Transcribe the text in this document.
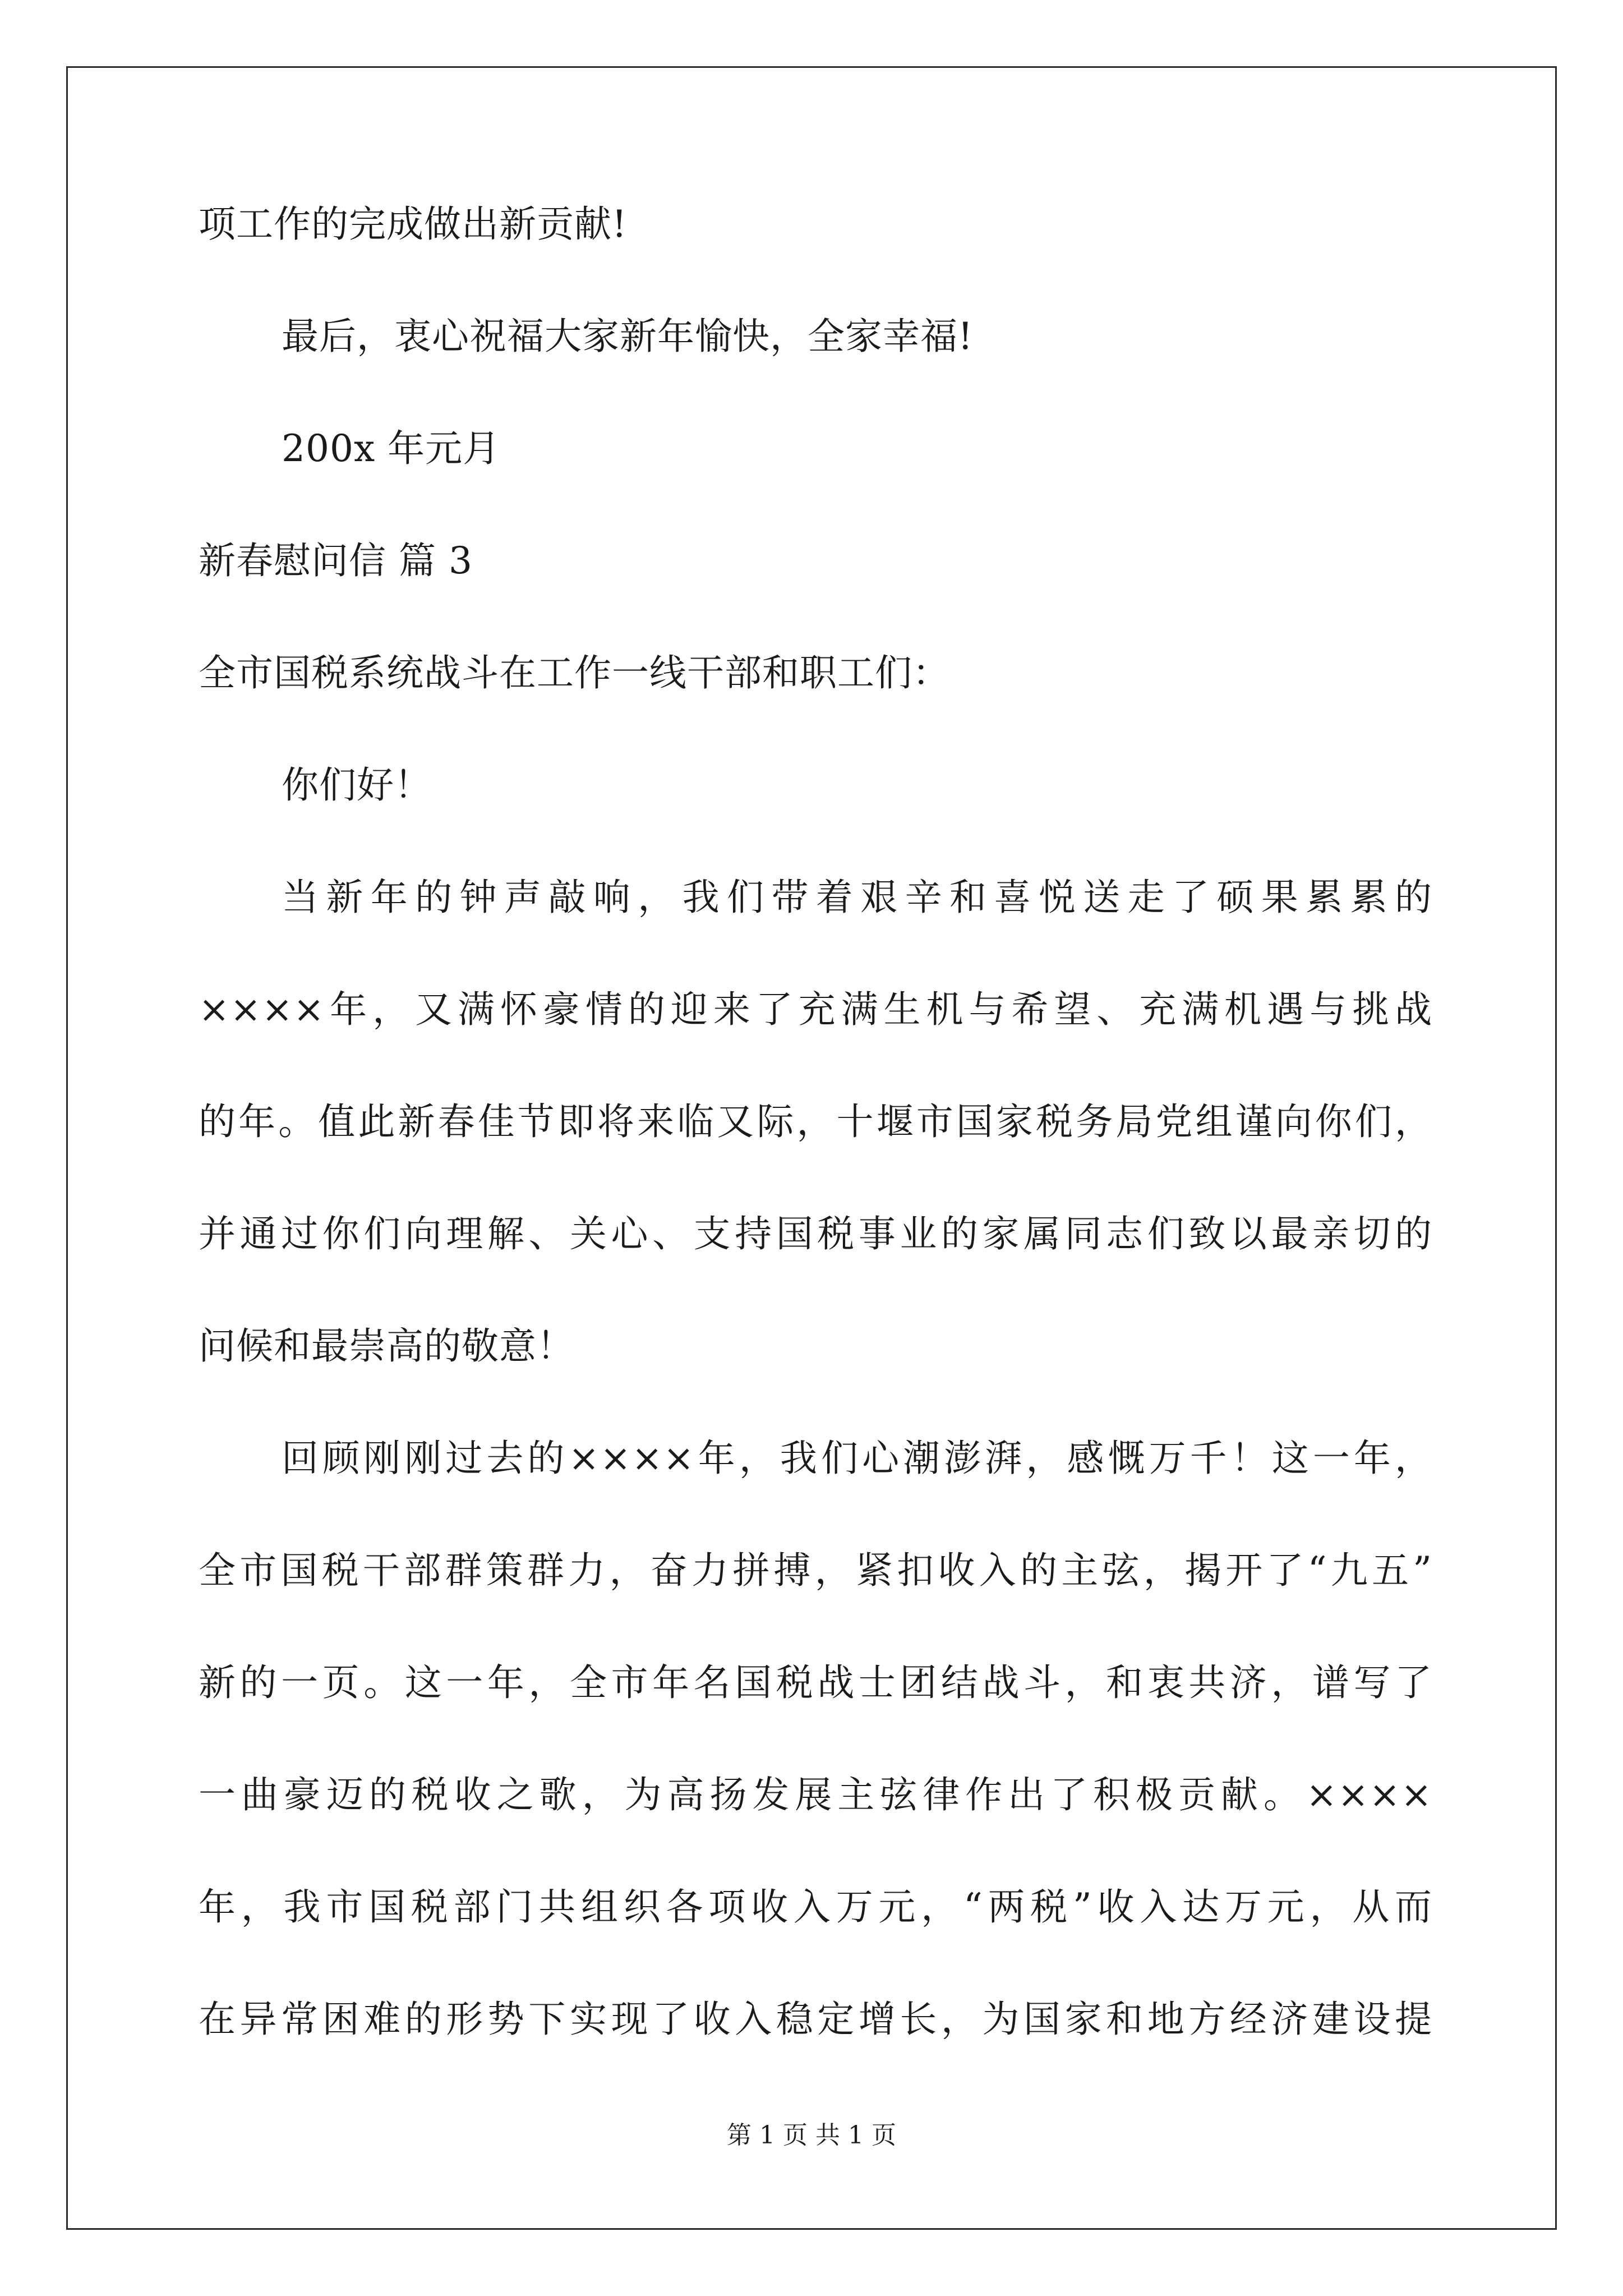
项工作的完成做出新贡献!
最后，衷心祝福大家新年愉快，全家幸福!
200x 年元月
新春慰问信 篇 3
全市国税系统战斗在工作一线干部和职工们：
你们好！
当新年的钟声敲响，我们带着艰辛和喜悦送走了硕果累累的
××××年，又满怀豪情的迎来了充满生机与希望、充满机遇与挑战
的年。值此新春佳节即将来临又际，十堰市国家税务局党组谨向你们，
并通过你们向理解、关心、支持国税事业的家属同志们致以最亲切的
问候和最崇高的敬意！
回顾刚刚过去的××××年，我们心潮澎湃，感慨万千！这一年，
全市国税干部群策群力，奋力拼搏，紧扣收入的主弦，揭开了“九五”
新的一页。这一年，全市年名国税战士团结战斗，和衷共济，谱写了
一曲豪迈的税收之歌，为高扬发展主弦律作出了积极贡献。××××
年，我市国税部门共组织各项收入万元，“两税”收入达万元，从而
在异常困难的形势下实现了收入稳定增长，为国家和地方经济建设提
第 1 页 共 1 页
